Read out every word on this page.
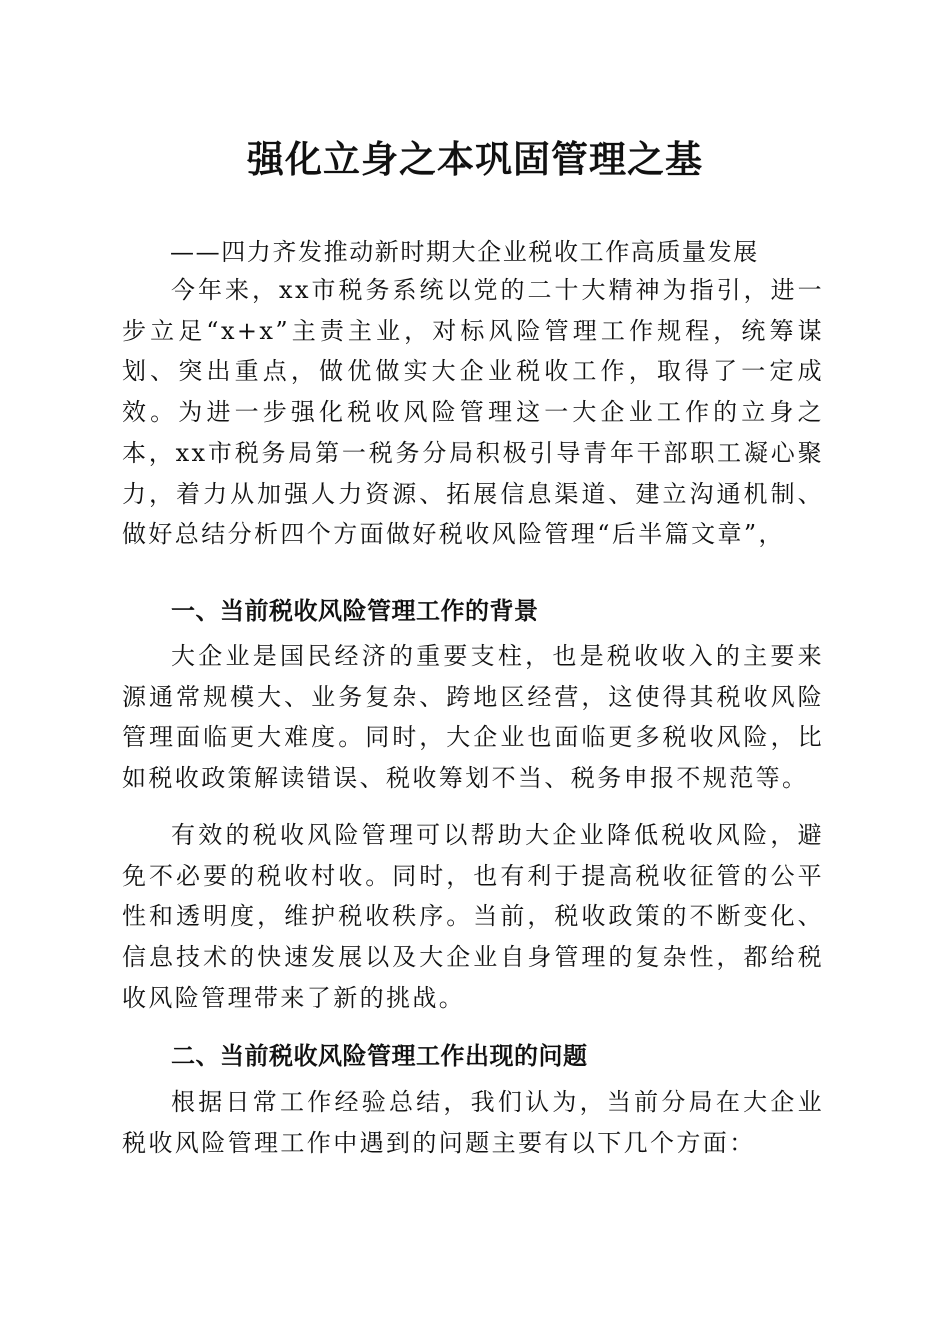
强化立身之本巩固管理之基

——四力齐发推动新时期大企业税收工作高质量发展

今年来，xx市税务系统以党的二十大精神为指引，进一步立足“x+x”主责主业，对标风险管理工作规程，统筹谋划、突出重点，做优做实大企业税收工作，取得了一定成效。为进一步强化税收风险管理这一大企业工作的立身之本，xx市税务局第一税务分局积极引导青年干部职工凝心聚力，着力从加强人力资源、拓展信息渠道、建立沟通机制、做好总结分析四个方面做好税收风险管理“后半篇文章”，

一、当前税收风险管理工作的背景

大企业是国民经济的重要支柱，也是税收收入的主要来源通常规模大、业务复杂、跨地区经营，这使得其税收风险管理面临更大难度。同时，大企业也面临更多税收风险，比如税收政策解读错误、税收筹划不当、税务申报不规范等。

有效的税收风险管理可以帮助大企业降低税收风险，避免不必要的税收村收。同时，也有利于提高税收征管的公平性和透明度，维护税收秩序。当前，税收政策的不断变化、信息技术的快速发展以及大企业自身管理的复杂性，都给税收风险管理带来了新的挑战。

二、当前税收风险管理工作出现的问题

根据日常工作经验总结，我们认为，当前分局在大企业税收风险管理工作中遇到的问题主要有以下几个方面：
